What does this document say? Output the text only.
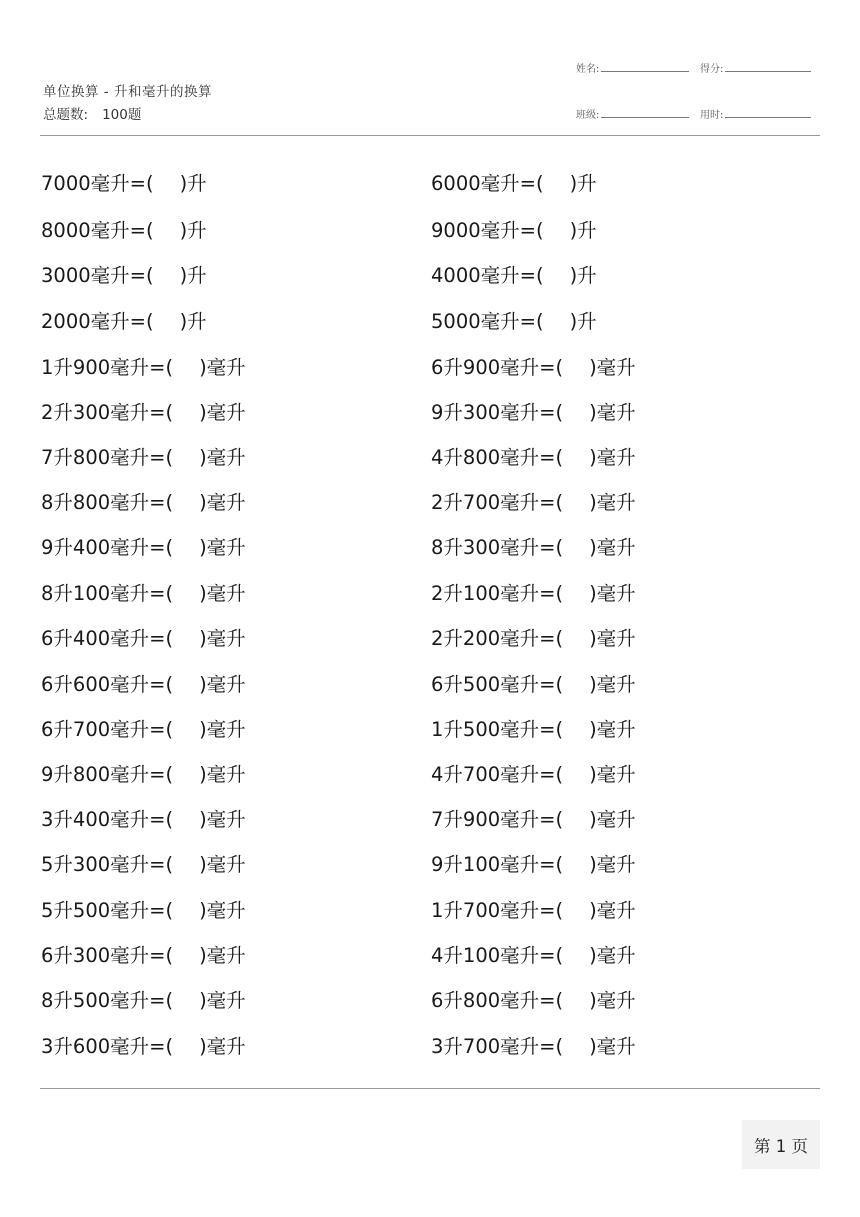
单位换算 - 升和毫升的换算
总题数: 100题
姓名:	得分:
班级:	用时:
7000毫升=( )升	6000毫升=( )升
8000毫升=( )升	9000毫升=( )升
3000毫升=( )升	4000毫升=( )升
2000毫升=( )升	5000毫升=( )升
1升900毫升=( )毫升	6升900毫升=( )毫升
2升300毫升=( )毫升	9升300毫升=( )毫升
7升800毫升=( )毫升	4升800毫升=( )毫升
8升800毫升=( )毫升	2升700毫升=( )毫升
9升400毫升=( )毫升	8升300毫升=( )毫升
8升100毫升=( )毫升	2升100毫升=( )毫升
6升400毫升=( )毫升	2升200毫升=( )毫升
6升600毫升=( )毫升	6升500毫升=( )毫升
6升700毫升=( )毫升	1升500毫升=( )毫升
9升800毫升=( )毫升	4升700毫升=( )毫升
3升400毫升=( )毫升	7升900毫升=( )毫升
5升300毫升=( )毫升	9升100毫升=( )毫升
5升500毫升=( )毫升	1升700毫升=( )毫升
6升300毫升=( )毫升	4升100毫升=( )毫升
8升500毫升=( )毫升	6升800毫升=( )毫升
3升600毫升=( )毫升	3升700毫升=( )毫升
第 1 页
